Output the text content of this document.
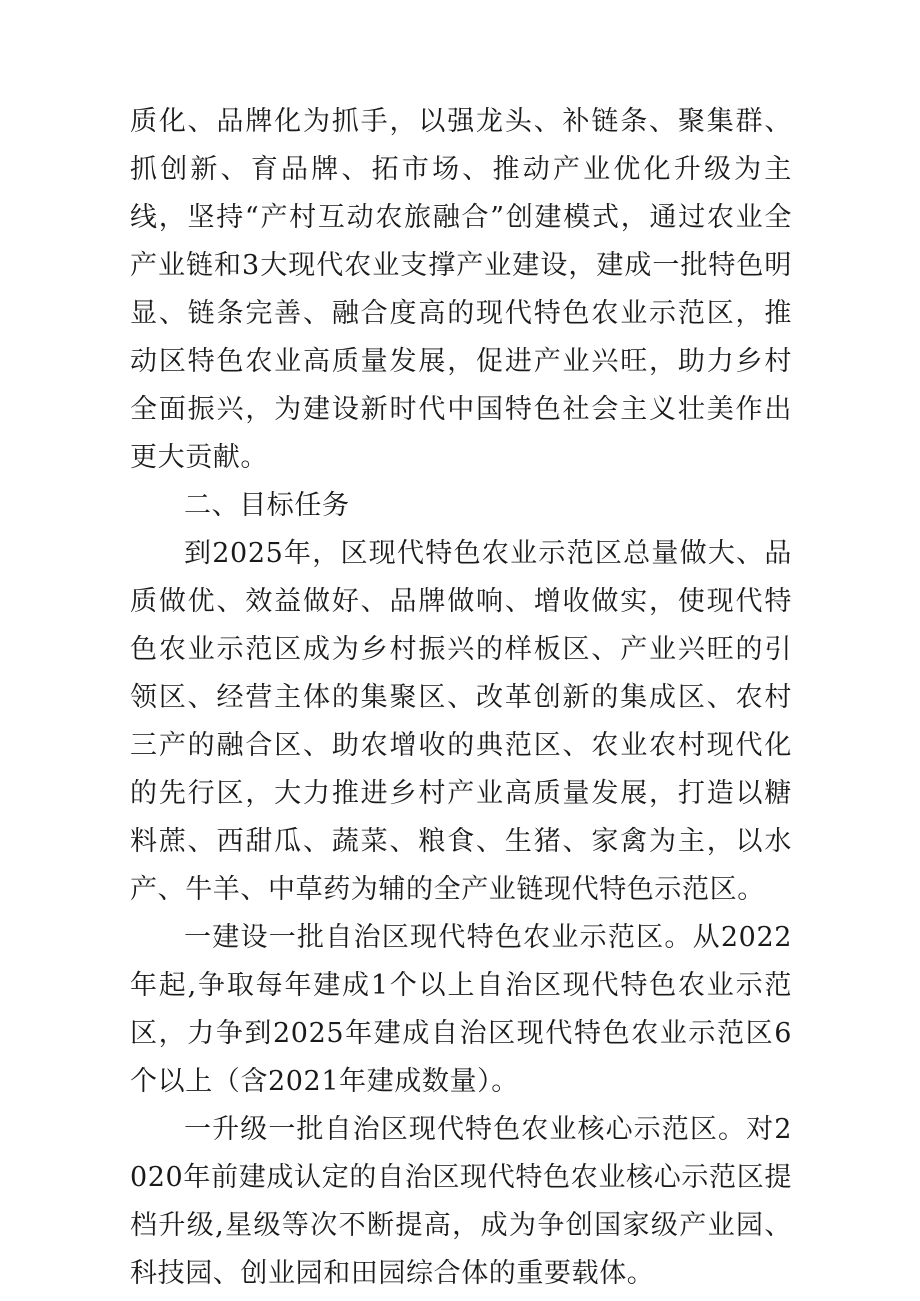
质化、品牌化为抓手，以强龙头、补链条、聚集群、抓创新、育品牌、拓市场、推动产业优化升级为主线，坚持“产村互动农旅融合”创建模式，通过农业全产业链和3大现代农业支撑产业建设，建成一批特色明显、链条完善、融合度高的现代特色农业示范区，推动区特色农业高质量发展，促进产业兴旺，助力乡村全面振兴，为建设新时代中国特色社会主义壮美作出更大贡献。

二、目标任务

到2025年，区现代特色农业示范区总量做大、品质做优、效益做好、品牌做响、增收做实，使现代特色农业示范区成为乡村振兴的样板区、产业兴旺的引领区、经营主体的集聚区、改革创新的集成区、农村三产的融合区、助农增收的典范区、农业农村现代化的先行区，大力推进乡村产业高质量发展，打造以糖料蔗、西甜瓜、蔬菜、粮食、生猪、家禽为主，以水产、牛羊、中草药为辅的全产业链现代特色示范区。

一建设一批自治区现代特色农业示范区。从2022年起,争取每年建成1个以上自治区现代特色农业示范区，力争到2025年建成自治区现代特色农业示范区6个以上（含2021年建成数量）。

一升级一批自治区现代特色农业核心示范区。对2020年前建成认定的自治区现代特色农业核心示范区提档升级,星级等次不断提高，成为争创国家级产业园、科技园、创业园和田园综合体的重要载体。
